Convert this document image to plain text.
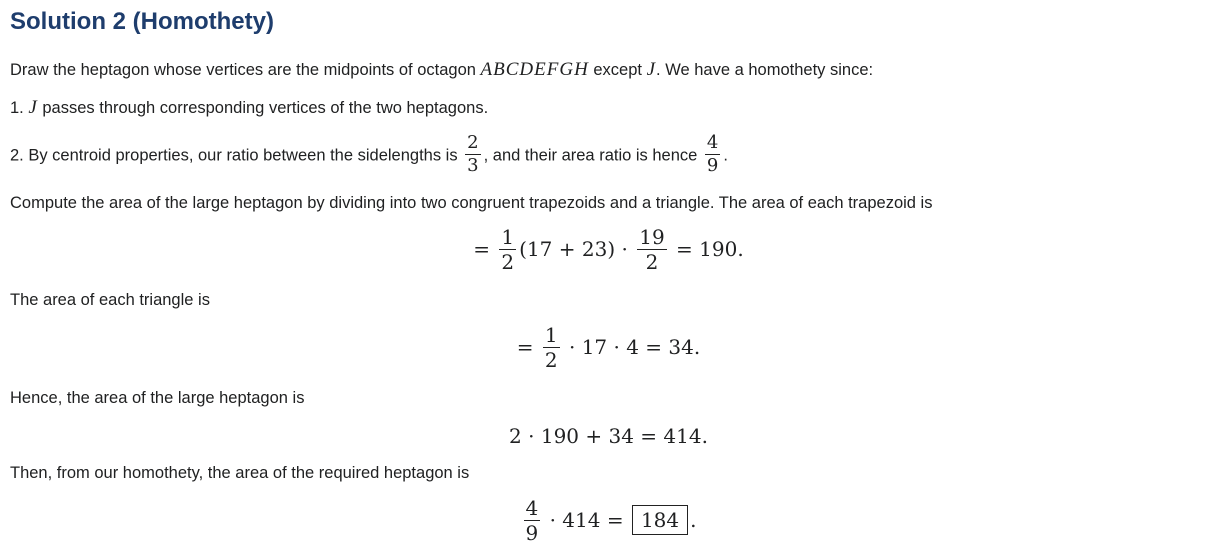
Solution 2 (Homothety)

Draw the heptagon whose vertices are the midpoints of octagon ABCDEFGH except J. We have a homothety since:

1. J passes through corresponding vertices of the two heptagons.

2. By centroid properties, our ratio between the sidelengths is $\frac{2}{3}$ , and their area ratio is hence $\frac{4}{9}$ .

Compute the area of the large heptagon by dividing into two congruent trapezoids and a triangle. The area of each trapezoid is

= $\frac{1}{2} (17 + 23) \cdot \frac{19}{2} = 190$.

The area of each triangle is

= $\frac{1}{2} \cdot 17 \cdot 4 = 34$.

Hence, the area of the large heptagon is

2 · 190 + 34 = 414.

Then, from our homothety, the area of the required heptagon is

$\frac{4}{9} \cdot 414 = 184$ .
